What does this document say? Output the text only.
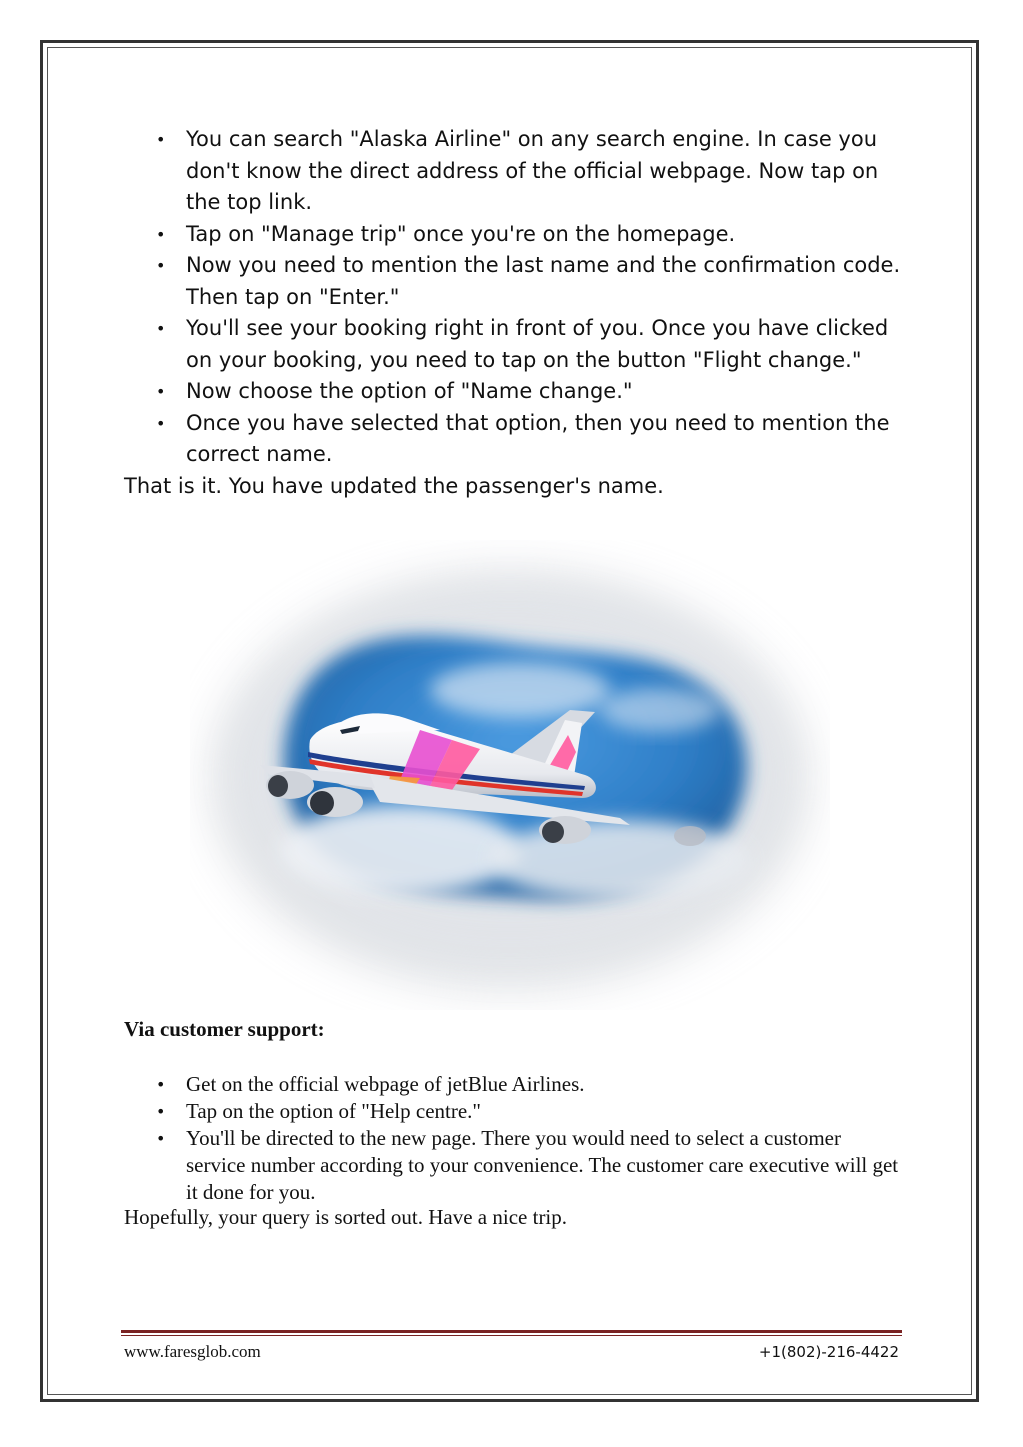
• You can search "Alaska Airline" on any search engine. In case you don't know the direct address of the official webpage. Now tap on the top link.
• Tap on "Manage trip" once you're on the homepage.
• Now you need to mention the last name and the confirmation code. Then tap on "Enter."
• You'll see your booking right in front of you. Once you have clicked on your booking, you need to tap on the button "Flight change."
• Now choose the option of "Name change."
• Once you have selected that option, then you need to mention the correct name.

That is it. You have updated the passenger's name.

Via customer support:

• Get on the official webpage of jetBlue Airlines.
• Tap on the option of "Help centre."
• You'll be directed to the new page. There you would need to select a customer service number according to your convenience. The customer care executive will get it done for you.

Hopefully, your query is sorted out. Have a nice trip.

www.faresglob.com	+1(802)-216-4422
